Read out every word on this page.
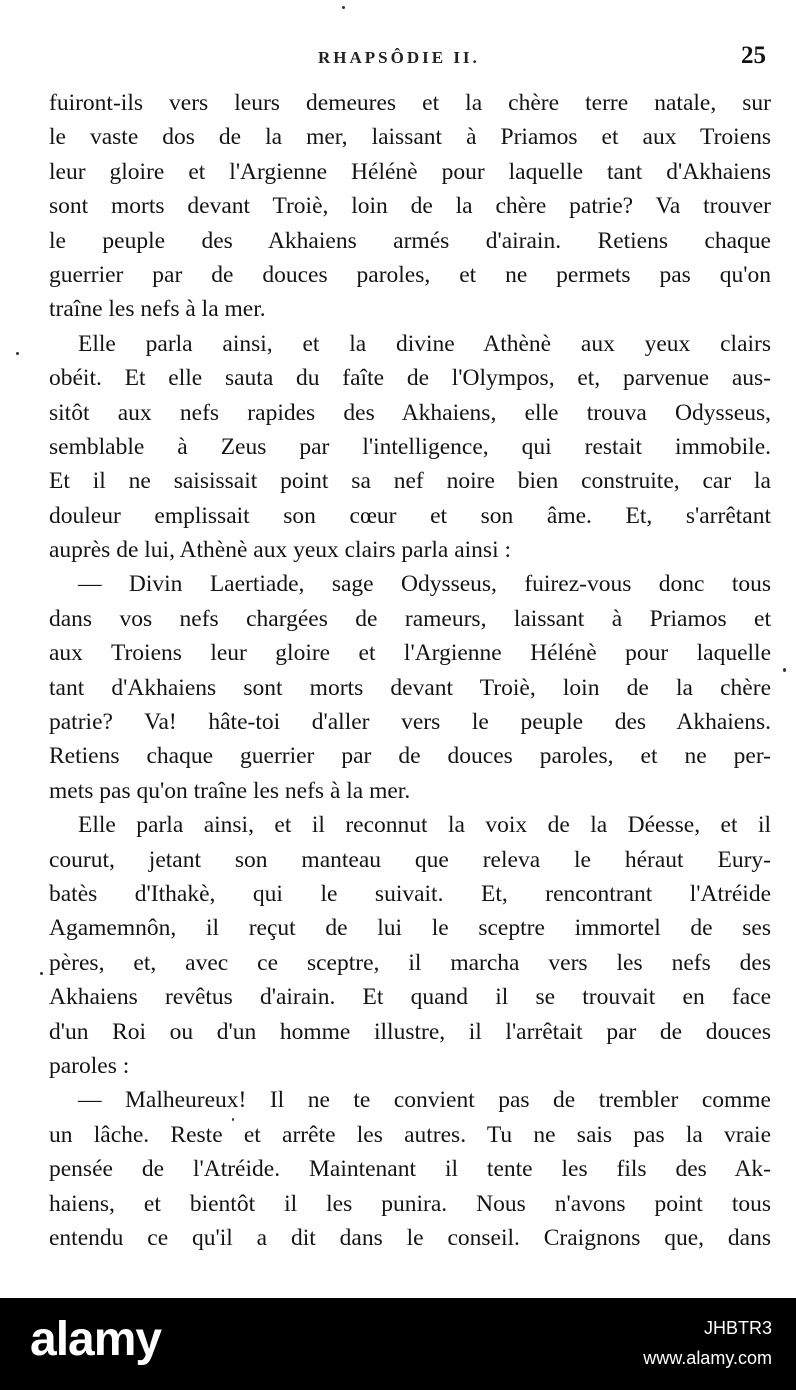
RHAPSÔDIE II.	25
fuiront-ils vers leurs demeures et la chère terre natale, sur
le vaste dos de la mer, laissant à Priamos et aux Troiens
leur gloire et l'Argienne Hélénè pour laquelle tant d'Akhaiens
sont morts devant Troiè, loin de la chère patrie? Va trouver
le peuple des Akhaiens armés d'airain. Retiens chaque
guerrier par de douces paroles, et ne permets pas qu'on
traîne les nefs à la mer.
Elle parla ainsi, et la divine Athènè aux yeux clairs
obéit. Et elle sauta du faîte de l'Olympos, et, parvenue aus-
sitôt aux nefs rapides des Akhaiens, elle trouva Odysseus,
semblable à Zeus par l'intelligence, qui restait immobile.
Et il ne saisissait point sa nef noire bien construite, car la
douleur emplissait son cœur et son âme. Et, s'arrêtant
auprès de lui, Athènè aux yeux clairs parla ainsi :
— Divin Laertiade, sage Odysseus, fuirez-vous donc tous
dans vos nefs chargées de rameurs, laissant à Priamos et
aux Troiens leur gloire et l'Argienne Hélénè pour laquelle
tant d'Akhaiens sont morts devant Troiè, loin de la chère
patrie? Va! hâte-toi d'aller vers le peuple des Akhaiens.
Retiens chaque guerrier par de douces paroles, et ne per-
mets pas qu'on traîne les nefs à la mer.
Elle parla ainsi, et il reconnut la voix de la Déesse, et il
courut, jetant son manteau que releva le héraut Eury-
batès d'Ithakè, qui le suivait. Et, rencontrant l'Atréide
Agamemnôn, il reçut de lui le sceptre immortel de ses
pères, et, avec ce sceptre, il marcha vers les nefs des
Akhaiens revêtus d'airain. Et quand il se trouvait en face
d'un Roi ou d'un homme illustre, il l'arrêtait par de douces
paroles :
— Malheureux! Il ne te convient pas de trembler comme
un lâche. Reste et arrête les autres. Tu ne sais pas la vraie
pensée de l'Atréide. Maintenant il tente les fils des Ak-
haiens, et bientôt il les punira. Nous n'avons point tous
entendu ce qu'il a dit dans le conseil. Craignons que, dans
alamy	JHBTR3
www.alamy.com
